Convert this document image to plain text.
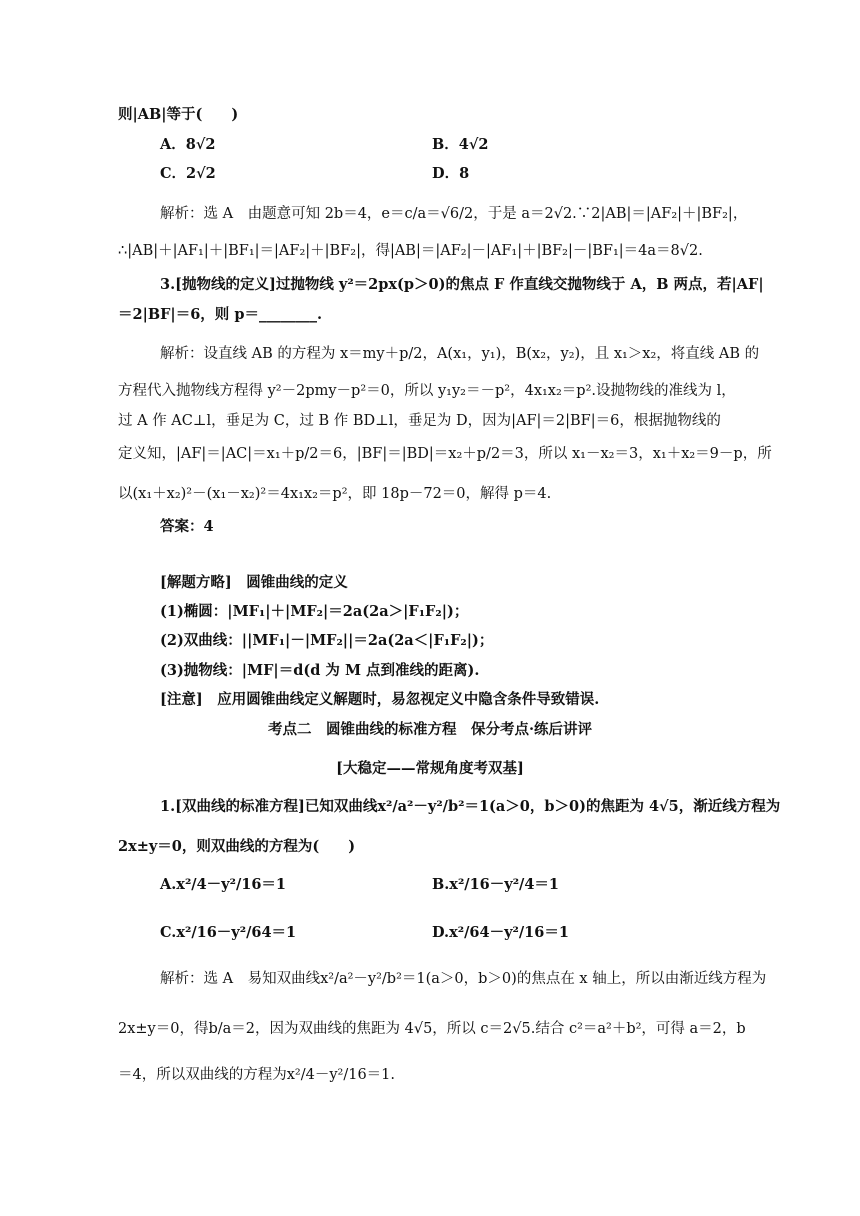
则|AB|等于(　　)
A．8√2	B．4√2
C．2√2	D．8
解析：选 A　由题意可知 2b＝4，e＝c/a＝√6/2，于是 a＝2√2.∵2|AB|＝|AF₂|＋|BF₂|，
∴|AB|＋|AF₁|＋|BF₁|＝|AF₂|＋|BF₂|，得|AB|＝|AF₂|－|AF₁|＋|BF₂|－|BF₁|＝4a＝8√2.
3.[抛物线的定义]过抛物线 y²＝2px(p＞0)的焦点 F 作直线交抛物线于 A，B 两点，若|AF|
＝2|BF|＝6，则 p＝________.
解析：设直线 AB 的方程为 x＝my＋p/2，A(x₁，y₁)，B(x₂，y₂)，且 x₁＞x₂，将直线 AB 的
方程代入抛物线方程得 y²－2pmy－p²＝0，所以 y₁y₂＝－p²，4x₁x₂＝p².设抛物线的准线为 l，
过 A 作 AC⊥l，垂足为 C，过 B 作 BD⊥l，垂足为 D，因为|AF|＝2|BF|＝6，根据抛物线的
定义知，|AF|＝|AC|＝x₁＋p/2＝6，|BF|＝|BD|＝x₂＋p/2＝3，所以 x₁－x₂＝3，x₁＋x₂＝9－p，所
以(x₁＋x₂)²－(x₁－x₂)²＝4x₁x₂＝p²，即 18p－72＝0，解得 p＝4.
答案：4
[解题方略]　圆锥曲线的定义
(1)椭圆：|MF₁|＋|MF₂|＝2a(2a＞|F₁F₂|)；
(2)双曲线：||MF₁|－|MF₂||＝2a(2a＜|F₁F₂|)；
(3)抛物线：|MF|＝d(d 为 M 点到准线的距离).
[注意]　应用圆锥曲线定义解题时，易忽视定义中隐含条件导致错误.
考点二　圆锥曲线的标准方程　保分考点·练后讲评
[大稳定——常规角度考双基]
1.[双曲线的标准方程]已知双曲线x²/a²－y²/b²＝1(a＞0，b＞0)的焦距为 4√5，渐近线方程为
2x±y＝0，则双曲线的方程为(　　)
A.x²/4－y²/16＝1	B.x²/16－y²/4＝1
C.x²/16－y²/64＝1	D.x²/64－y²/16＝1
解析：选 A　易知双曲线x²/a²－y²/b²＝1(a＞0，b＞0)的焦点在 x 轴上，所以由渐近线方程为
2x±y＝0，得b/a＝2，因为双曲线的焦距为 4√5，所以 c＝2√5.结合 c²＝a²＋b²，可得 a＝2，b
＝4，所以双曲线的方程为x²/4－y²/16＝1.
